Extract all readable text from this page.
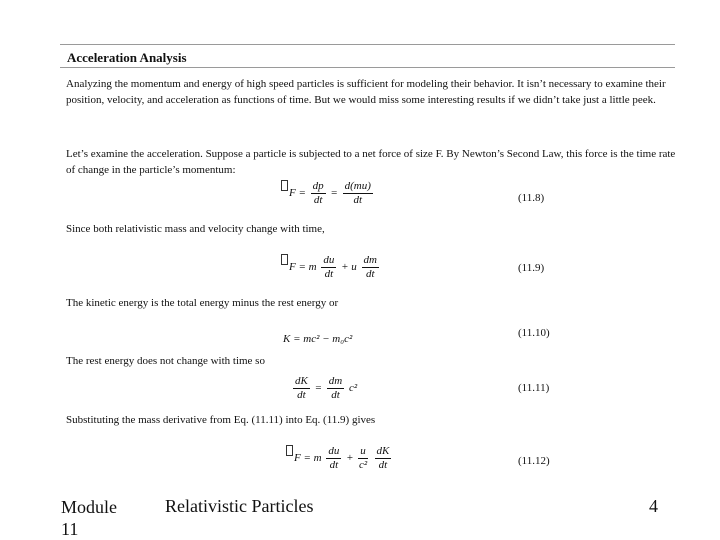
Acceleration Analysis
Analyzing the momentum and energy of high speed particles is sufficient for modeling their behavior. It isn’t necessary to examine their position, velocity, and acceleration as functions of time. But we would miss some interesting results if we didn’t take just a little peek.
Let’s examine the acceleration. Suppose a particle is subjected to a net force of size F. By Newton’s Second Law, this force is the time rate of change in the particle’s momentum:
$F = \frac{dp}{dt} = \frac{d(mu)}{dt}$	(11.8)
Since both relativistic mass and velocity change with time,
F = m $\frac{du}{dt} + u \frac{dm}{dt}$	(11.9)
The kinetic energy is the total energy minus the rest energy or
K = mc² − m₀c²	(11.10)
The rest energy does not change with time so
$\frac{dK}{dt} = \frac{dm}{dt} c^2$	(11.11)
Substituting the mass derivative from Eq. (11.11) into Eq. (11.9) gives
F = m $\frac{du}{dt} + \frac{u}{\text{c²}}$
$\frac{dK}{dt}$	(11.12)
Module 11
Relativistic Particles	4
